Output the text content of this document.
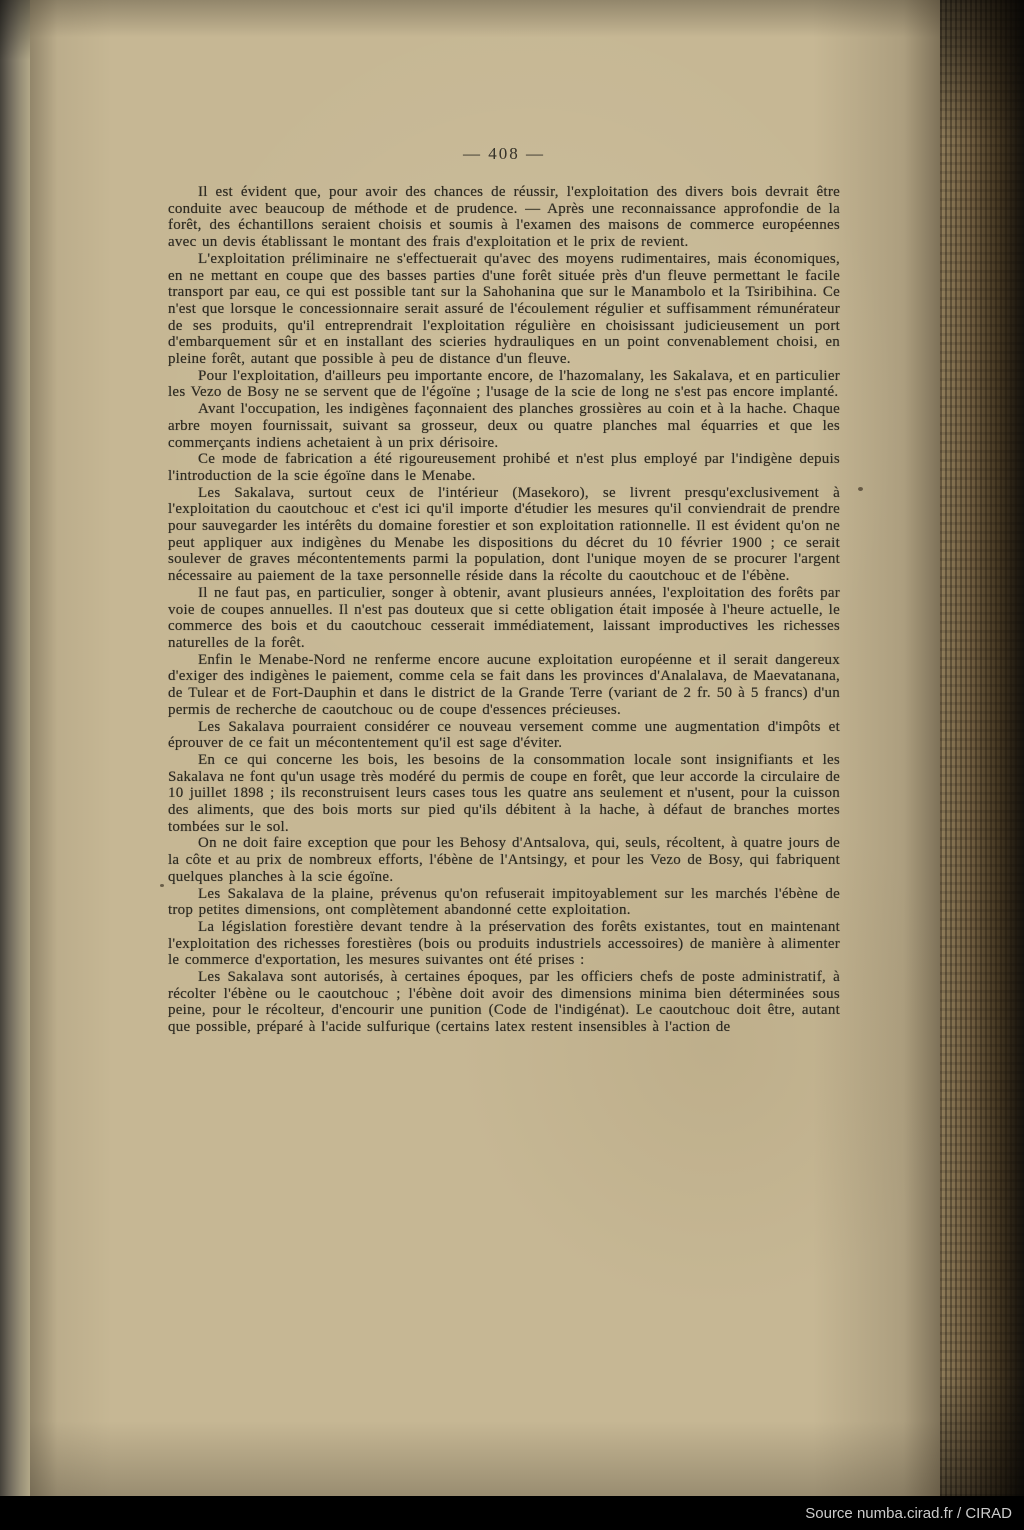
— 408 —

Il est évident que, pour avoir des chances de réussir, l'exploitation des divers bois devrait être conduite avec beaucoup de méthode et de prudence. — Après une reconnaissance approfondie de la forêt, des échantillons seraient choisis et soumis à l'examen des maisons de commerce européennes avec un devis établissant le montant des frais d'exploitation et le prix de revient.

L'exploitation préliminaire ne s'effectuerait qu'avec des moyens rudimentaires, mais économiques, en ne mettant en coupe que des basses parties d'une forêt située près d'un fleuve permettant le facile transport par eau, ce qui est possible tant sur la Sahohanina que sur le Manambolo et la Tsiribihina. Ce n'est que lorsque le concessionnaire serait assuré de l'écoulement régulier et suffisamment rémunérateur de ses produits, qu'il entreprendrait l'exploitation régulière en choisissant judicieusement un port d'embarquement sûr et en installant des scieries hydrauliques en un point convenablement choisi, en pleine forêt, autant que possible à peu de distance d'un fleuve.

Pour l'exploitation, d'ailleurs peu importante encore, de l'hazomalany, les Sakalava, et en particulier les Vezo de Bosy ne se servent que de l'égoïne ; l'usage de la scie de long ne s'est pas encore implanté.

Avant l'occupation, les indigènes façonnaient des planches grossières au coin et à la hache. Chaque arbre moyen fournissait, suivant sa grosseur, deux ou quatre planches mal équarries et que les commerçants indiens achetaient à un prix dérisoire.

Ce mode de fabrication a été rigoureusement prohibé et n'est plus employé par l'indigène depuis l'introduction de la scie égoïne dans le Menabe.

Les Sakalava, surtout ceux de l'intérieur (Masekoro), se livrent presqu'exclusivement à l'exploitation du caoutchouc et c'est ici qu'il importe d'étudier les mesures qu'il conviendrait de prendre pour sauvegarder les intérêts du domaine forestier et son exploitation rationnelle. Il est évident qu'on ne peut appliquer aux indigènes du Menabe les dispositions du décret du 10 février 1900 ; ce serait soulever de graves mécontentements parmi la population, dont l'unique moyen de se procurer l'argent nécessaire au paiement de la taxe personnelle réside dans la récolte du caoutchouc et de l'ébène.

Il ne faut pas, en particulier, songer à obtenir, avant plusieurs années, l'exploitation des forêts par voie de coupes annuelles. Il n'est pas douteux que si cette obligation était imposée à l'heure actuelle, le commerce des bois et du caoutchouc cesserait immédiatement, laissant improductives les richesses naturelles de la forêt.

Enfin le Menabe-Nord ne renferme encore aucune exploitation européenne et il serait dangereux d'exiger des indigènes le paiement, comme cela se fait dans les provinces d'Analalava, de Maevatanana, de Tulear et de Fort-Dauphin et dans le district de la Grande Terre (variant de 2 fr. 50 à 5 francs) d'un permis de recherche de caoutchouc ou de coupe d'essences précieuses.

Les Sakalava pourraient considérer ce nouveau versement comme une augmentation d'impôts et éprouver de ce fait un mécontentement qu'il est sage d'éviter.

En ce qui concerne les bois, les besoins de la consommation locale sont insignifiants et les Sakalava ne font qu'un usage très modéré du permis de coupe en forêt, que leur accorde la circulaire de 10 juillet 1898 ; ils reconstruisent leurs cases tous les quatre ans seulement et n'usent, pour la cuisson des aliments, que des bois morts sur pied qu'ils débitent à la hache, à défaut de branches mortes tombées sur le sol.

On ne doit faire exception que pour les Behosy d'Antsalova, qui, seuls, récoltent, à quatre jours de la côte et au prix de nombreux efforts, l'ébène de l'Antsingy, et pour les Vezo de Bosy, qui fabriquent quelques planches à la scie égoïne.

Les Sakalava de la plaine, prévenus qu'on refuserait impitoyablement sur les marchés l'ébène de trop petites dimensions, ont complètement abandonné cette exploitation.

La législation forestière devant tendre à la préservation des forêts existantes, tout en maintenant l'exploitation des richesses forestières (bois ou produits industriels accessoires) de manière à alimenter le commerce d'exportation, les mesures suivantes ont été prises :

Les Sakalava sont autorisés, à certaines époques, par les officiers chefs de poste administratif, à récolter l'ébène ou le caoutchouc ; l'ébène doit avoir des dimensions minima bien déterminées sous peine, pour le récolteur, d'encourir une punition (Code de l'indigénat). Le caoutchouc doit être, autant que possible, préparé à l'acide sulfurique (certains latex restent insensibles à l'action de

Source numba.cirad.fr / CIRAD
